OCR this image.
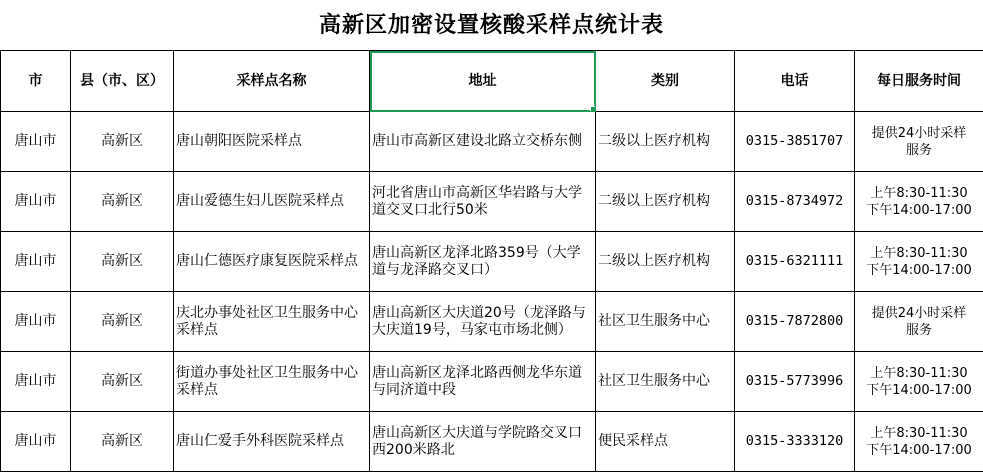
高新区加密设置核酸采样点统计表
市	县（市、区）	采样点名称	地址	类别	电话	每日服务时间
唐山市	高新区	唐山朝阳医院采样点	唐山市高新区建设北路立交桥东侧	二级以上医疗机构	0315-3851707	提供24小时采样
服务

唐山市	高新区	唐山爱德生妇儿医院采样点	河北省唐山市高新区华岩路与大学道交叉口北行50米	二级以上医疗机构	0315-8734972	上午8:30-11:30
下午14:00-17:00

唐山市	高新区	唐山仁德医疗康复医院采样点	唐山高新区龙泽北路359号（大学道与龙泽路交叉口）	二级以上医疗机构	0315-6321111	上午8:30-11:30
下午14:00-17:00

唐山市	高新区	庆北办事处社区卫生服务中心采样点	唐山高新区大庆道20号（龙泽路与大庆道19号，马家屯市场北侧）	社区卫生服务中心	0315-7872800	提供24小时采样
服务

唐山市	高新区	街道办事处社区卫生服务中心采样点	唐山高新区龙泽北路西侧龙华东道与同济道中段	社区卫生服务中心	0315-5773996	上午8:30-11:30
下午14:00-17:00

唐山市	高新区	唐山仁爱手外科医院采样点	唐山高新区大庆道与学院路交叉口西200米路北	便民采样点	0315-3333120	上午8:30-11:30
下午14:00-17:00
